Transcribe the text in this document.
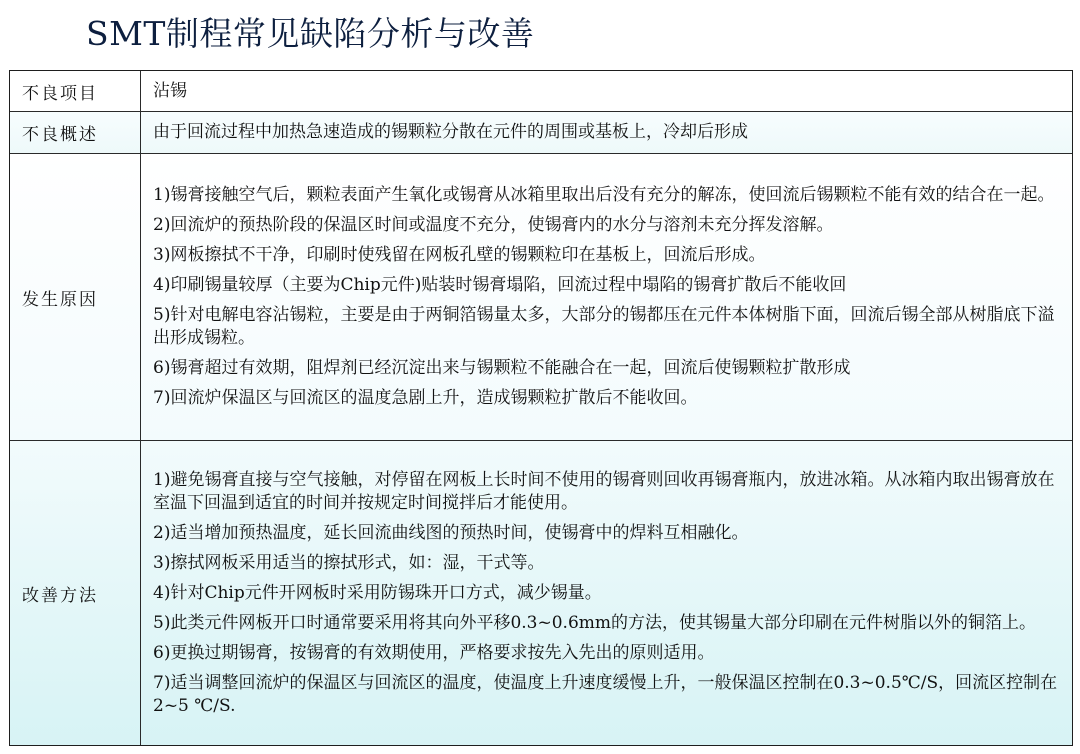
SMT制程常见缺陷分析与改善
不良项目	沾锡
不良概述	由于回流过程中加热急速造成的锡颗粒分散在元件的周围或基板上，冷却后形成
发生原因
1)锡膏接触空气后，颗粒表面产生氧化或锡膏从冰箱里取出后没有充分的解冻，使回流后锡颗粒不能有效的结合在一起。
2)回流炉的预热阶段的保温区时间或温度不充分，使锡膏内的水分与溶剂未充分挥发溶解。
3)网板擦拭不干净，印刷时使残留在网板孔壁的锡颗粒印在基板上，回流后形成。
4)印刷锡量较厚（主要为Chip元件)贴装时锡膏塌陷，回流过程中塌陷的锡膏扩散后不能收回
5)针对电解电容沾锡粒，主要是由于两铜箔锡量太多，大部分的锡都压在元件本体树脂下面，回流后锡全部从树脂底下溢出形成锡粒。
6)锡膏超过有效期，阻焊剂已经沉淀出来与锡颗粒不能融合在一起，回流后使锡颗粒扩散形成
7)回流炉保温区与回流区的温度急剧上升，造成锡颗粒扩散后不能收回。
改善方法
1)避免锡膏直接与空气接触，对停留在网板上长时间不使用的锡膏则回收再锡膏瓶内，放进冰箱。从冰箱内取出锡膏放在室温下回温到适宜的时间并按规定时间搅拌后才能使用。
2)适当增加预热温度，延长回流曲线图的预热时间，使锡膏中的焊料互相融化。
3)擦拭网板采用适当的擦拭形式，如：湿，干式等。
4)针对Chip元件开网板时采用防锡珠开口方式，减少锡量。
5)此类元件网板开口时通常要采用将其向外平移0.3~0.6mm的方法，使其锡量大部分印刷在元件树脂以外的铜箔上。
6)更换过期锡膏，按锡膏的有效期使用，严格要求按先入先出的原则适用。
7)适当调整回流炉的保温区与回流区的温度，使温度上升速度缓慢上升，一般保温区控制在0.3~0.5℃/S，回流区控制在2~5 ℃/S.
